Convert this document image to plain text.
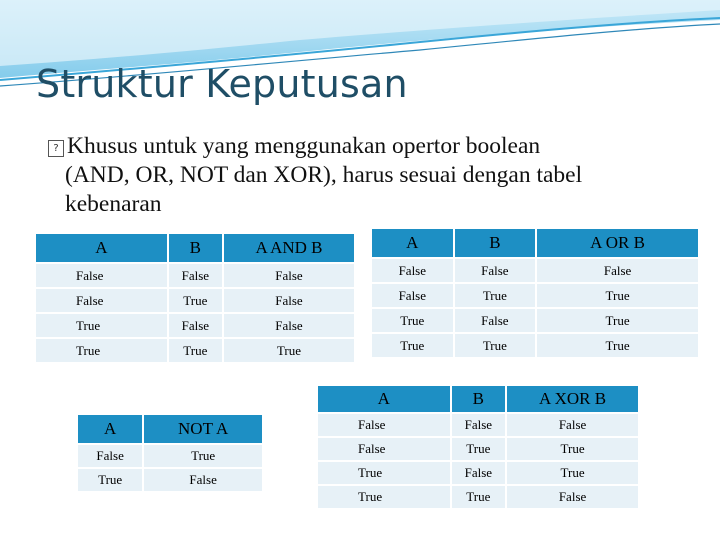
Struktur Keputusan
? Khusus untuk yang menggunakan opertor boolean
(AND, OR, NOT dan XOR), harus sesuai dengan tabel
kebenaran
A	B	A AND B
False	False	False
False	True	False
True	False	False
True	True	True
A	B	A OR B
False	False	False
False	True	True
True	False	True
True	True	True
A	B	A XOR B
False	False	False
False	True	True
True	False	True
True	True	False
A	NOT A
False	True
True	False
